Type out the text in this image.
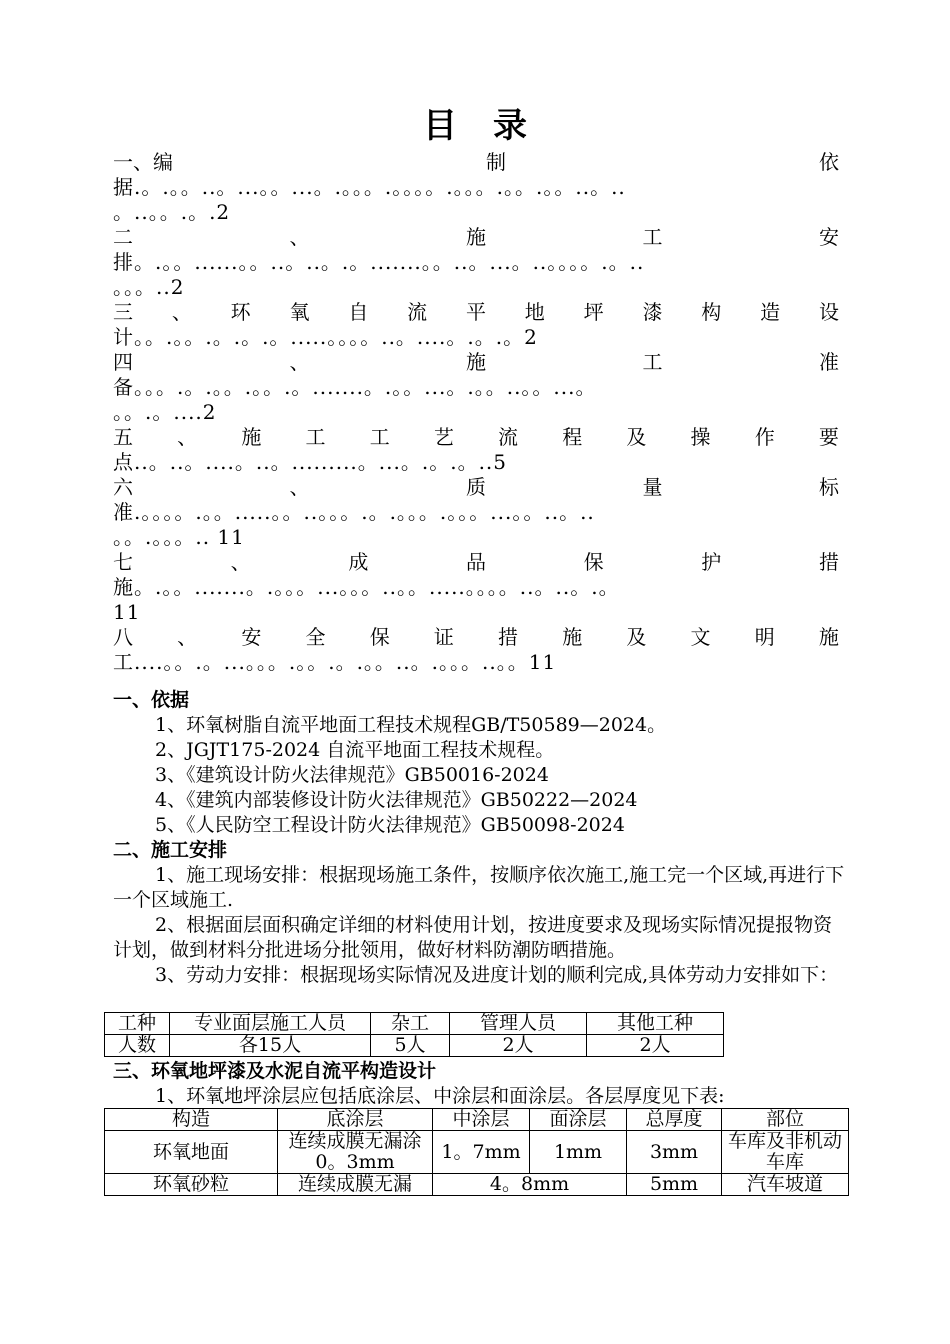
目录
一、编	制	依
据.。.。。..。...。。...。.。。。.。。。。.。。。.。。.。。..。..
。..。。.。.2
二	、	施	工	安
排。.。。......。。..。..。.。.......。。..。...。..。。。。.。..
。。。..2
三 、 环 氧 自 流 平 地 坪 漆 构 造 设
计。。.。。.。.。.。.....。。。。..。....。.。.。2
四	、	施	工	准
备。。。.。.。。.。。.。.......。.。。...。.。。..。。...。
。。.。....2
五 、 施 工 工 艺 流 程 及 操 作 要
点..。..。....。..。.........。...。.。.。..5
六	、	质	量	标
准.。。。。.。。.....。。..。。。.。.。。。.。。。...。。..。..
。。.。。。.. 11
七	、	成	品	保	护	措
施。.。。.......。.。。。...。。。..。。.....。。。。..。..。.。
11
八 、 安 全 保 证 措 施 及 文 明 施
工....。。.。...。。。.。。.。.。。..。.。。。..。。11
一、依据
1、环氧树脂自流平地面工程技术规程GB/T50589—2024。
2、JGJT175-2024 自流平地面工程技术规程。
3、《建筑设计防火法律规范》GB50016-2024
4、《建筑内部装修设计防火法律规范》GB50222—2024
5、《人民防空工程设计防火法律规范》GB50098-2024
二、施工安排
1、施工现场安排：根据现场施工条件，按顺序依次施工,施工完一个区域,再进行下一个区域施工.
2、根据面层面积确定详细的材料使用计划，按进度要求及现场实际情况提报物资计划，做到材料分批进场分批领用，做好材料防潮防晒措施。
3、劳动力安排：根据现场实际情况及进度计划的顺利完成,具体劳动力安排如下：
工种	专业面层施工人员	杂工	管理人员	其他工种
人数	各15人	5人	2人	2人
三、环氧地坪漆及水泥自流平构造设计
1、环氧地坪涂层应包括底涂层、中涂层和面涂层。各层厚度见下表:
构造	底涂层	中涂层	面涂层	总厚度	部位
环氧地面	连续成膜无漏涂0。3mm	1。7mm	1mm	3mm	车库及非机动车库
环氧砂粒	连续成膜无漏	4。8mm		5mm	汽车坡道
